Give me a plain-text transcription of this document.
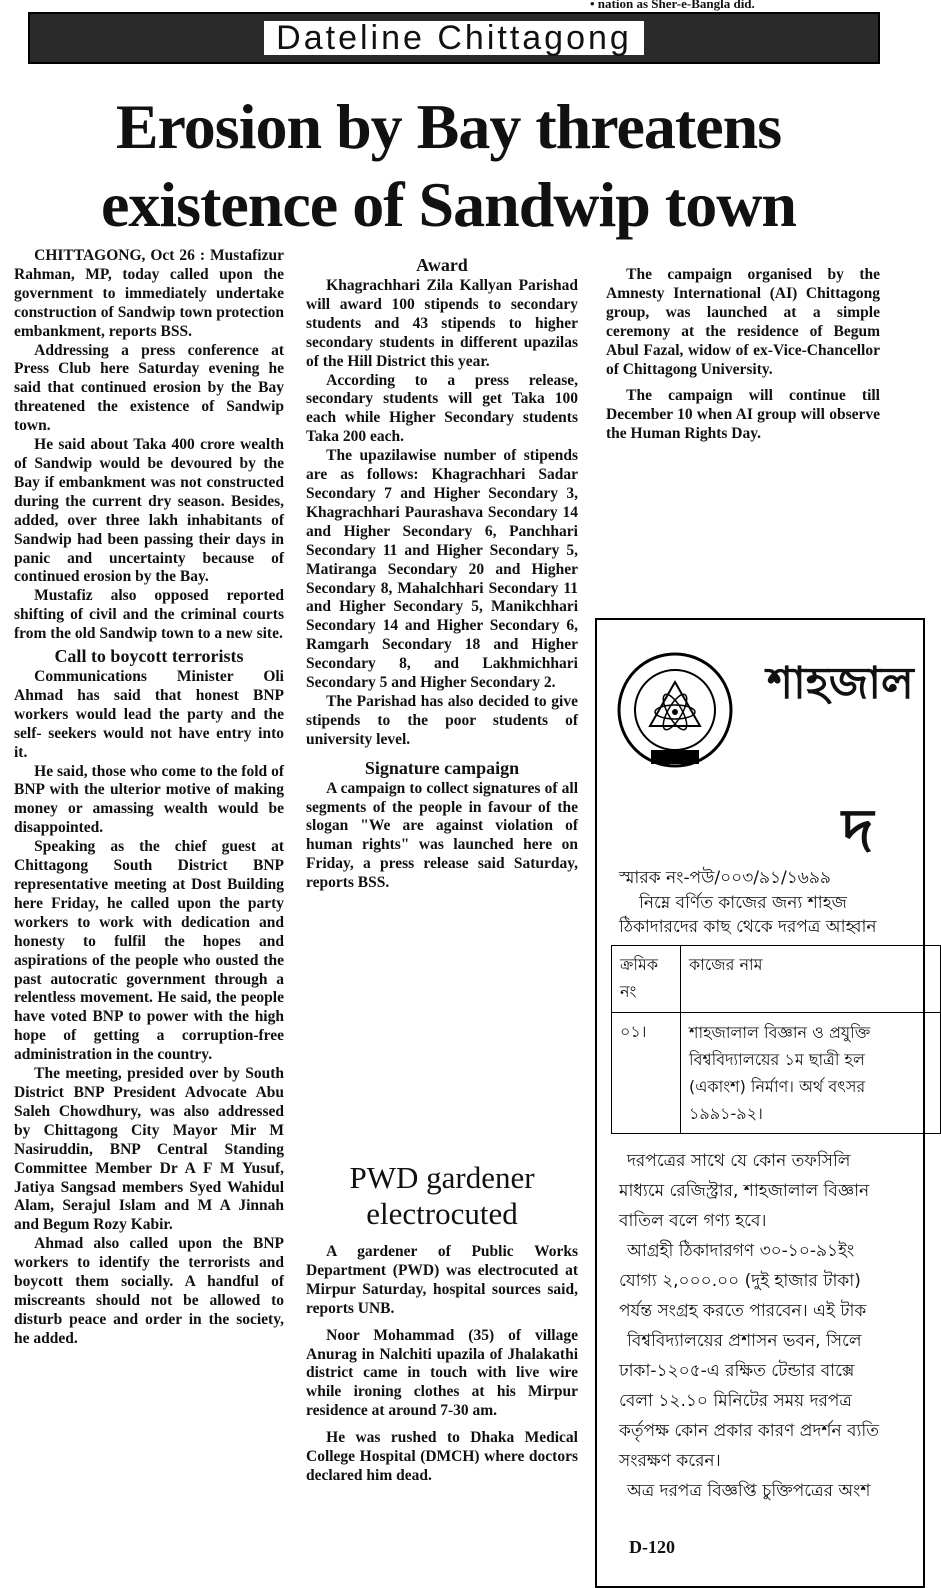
• nation as Sher-e-Bangla did.
Dateline Chittagong
Erosion by Bay threatens existence of Sandwip town

CHITTAGONG, Oct 26 : Mustafizur Rahman, MP, today called upon the government to immediately undertake construction of Sandwip town protection embankment, reports BSS.

Addressing a press conference at Press Club here Saturday evening he said that continued erosion by the Bay threatened the existence of Sandwip town.

He said about Taka 400 crore wealth of Sandwip would be devoured by the Bay if embankment was not constructed during the current dry season. Besides, added, over three lakh inhabitants of Sandwip had been passing their days in panic and uncertainty because of continued erosion by the Bay.

Mustafiz also opposed reported shifting of civil and the criminal courts from the old Sandwip town to a new site.

Call to boycott terrorists

Communications Minister Oli Ahmad has said that honest BNP workers would lead the party and the self- seekers would not have entry into it.

He said, those who come to the fold of BNP with the ulterior motive of making money or amassing wealth would be disappointed.

Speaking as the chief guest at Chittagong South District BNP representative meeting at Dost Building here Friday, he called upon the party workers to work with dedication and honesty to fulfil the hopes and aspirations of the people who ousted the past autocratic government through a relentless movement. He said, the people have voted BNP to power with the high hope of getting a corruption-free administration in the country.

The meeting, presided over by South District BNP President Advocate Abu Saleh Chowdhury, was also addressed by Chittagong City Mayor Mir M Nasiruddin, BNP Central Standing Committee Member Dr A F M Yusuf, Jatiya Sangsad members Syed Wahidul Alam, Serajul Islam and M A Jinnah and Begum Rozy Kabir.

Ahmad also called upon the BNP workers to identify the terrorists and boycott them socially. A handful of miscreants should not be allowed to disturb peace and order in the society, he added.

Award

Khagrachhari Zila Kallyan Parishad will award 100 stipends to secondary students and 43 stipends to higher secondary students in different upazilas of the Hill District this year.

According to a press release, secondary students will get Taka 100 each while Higher Secondary students Taka 200 each.

The upazilawise number of stipends are as follows: Khagrachhari Sadar Secondary 7 and Higher Secondary 3, Khagrachhari Paurashava Secondary 14 and Higher Secondary 6, Panchhari Secondary 11 and Higher Secondary 5, Matiranga Secondary 20 and Higher Secondary 8, Mahalchhari Secondary 11 and Higher Secondary 5, Manikchhari Secondary 14 and Higher Secondary 6, Ramgarh Secondary 18 and Higher Secondary 8, and Lakhmichhari Secondary 5 and Higher Secondary 2.

The Parishad has also decided to give stipends to the poor students of university level.

Signature campaign

A campaign to collect signatures of all segments of the people in favour of the slogan "We are against violation of human rights" was launched here on Friday, a press release said Saturday, reports BSS.

PWD gardener electrocuted

A gardener of Public Works Department (PWD) was electrocuted at Mirpur Saturday, hospital sources said, reports UNB.

Noor Mohammad (35) of village Anurag in Nalchiti upazila of Jhalakathi district came in touch with live wire while ironing clothes at his Mirpur residence at around 7-30 am.

He was rushed to Dhaka Medical College Hospital (DMCH) where doctors declared him dead.

The campaign organised by the Amnesty International (AI) Chittagong group, was launched at a simple ceremony at the residence of Begum Abul Fazal, widow of ex-Vice-Chancellor of Chittagong University.

The campaign will continue till December 10 when AI group will observe the Human Rights Day.

শাহজাল
দ
স্মারক নং-পউ/০০৩/৯১/১৬৯৯
নিম্নে বর্ণিত কাজের জন্য শাহজ
ঠিকাদারদের কাছ থেকে দরপত্র আহ্বান
ক্রমিক নং	কাজের নাম
০১।	শাহজালাল বিজ্ঞান ও প্রযুক্তি
বিশ্ববিদ্যালয়ের ১ম ছাত্রী হল
(একাংশ) নির্মাণ। অর্থ বৎসর
১৯৯১-৯২।
দরপত্রের সাথে যে কোন তফসিলি
মাধ্যমে রেজিস্ট্রার, শাহজালাল বিজ্ঞান
বাতিল বলে গণ্য হবে।
আগ্রহী ঠিকাদারগণ ৩০-১০-৯১ইং
যোগ্য ২,০০০.০০ (দুই হাজার টাকা)
পর্যন্ত সংগ্রহ করতে পারবেন। এই টাক
বিশ্ববিদ্যালয়ের প্রশাসন ভবন, সিলে
ঢাকা-১২০৫-এ রক্ষিত টেন্ডার বাক্সে
বেলা ১২.১০ মিনিটের সময় দরপত্র
কর্তৃপক্ষ কোন প্রকার কারণ প্রদর্শন ব্যতি
সংরক্ষণ করেন।
অত্র দরপত্র বিজ্ঞপ্তি চুক্তিপত্রের অংশ
D-120
